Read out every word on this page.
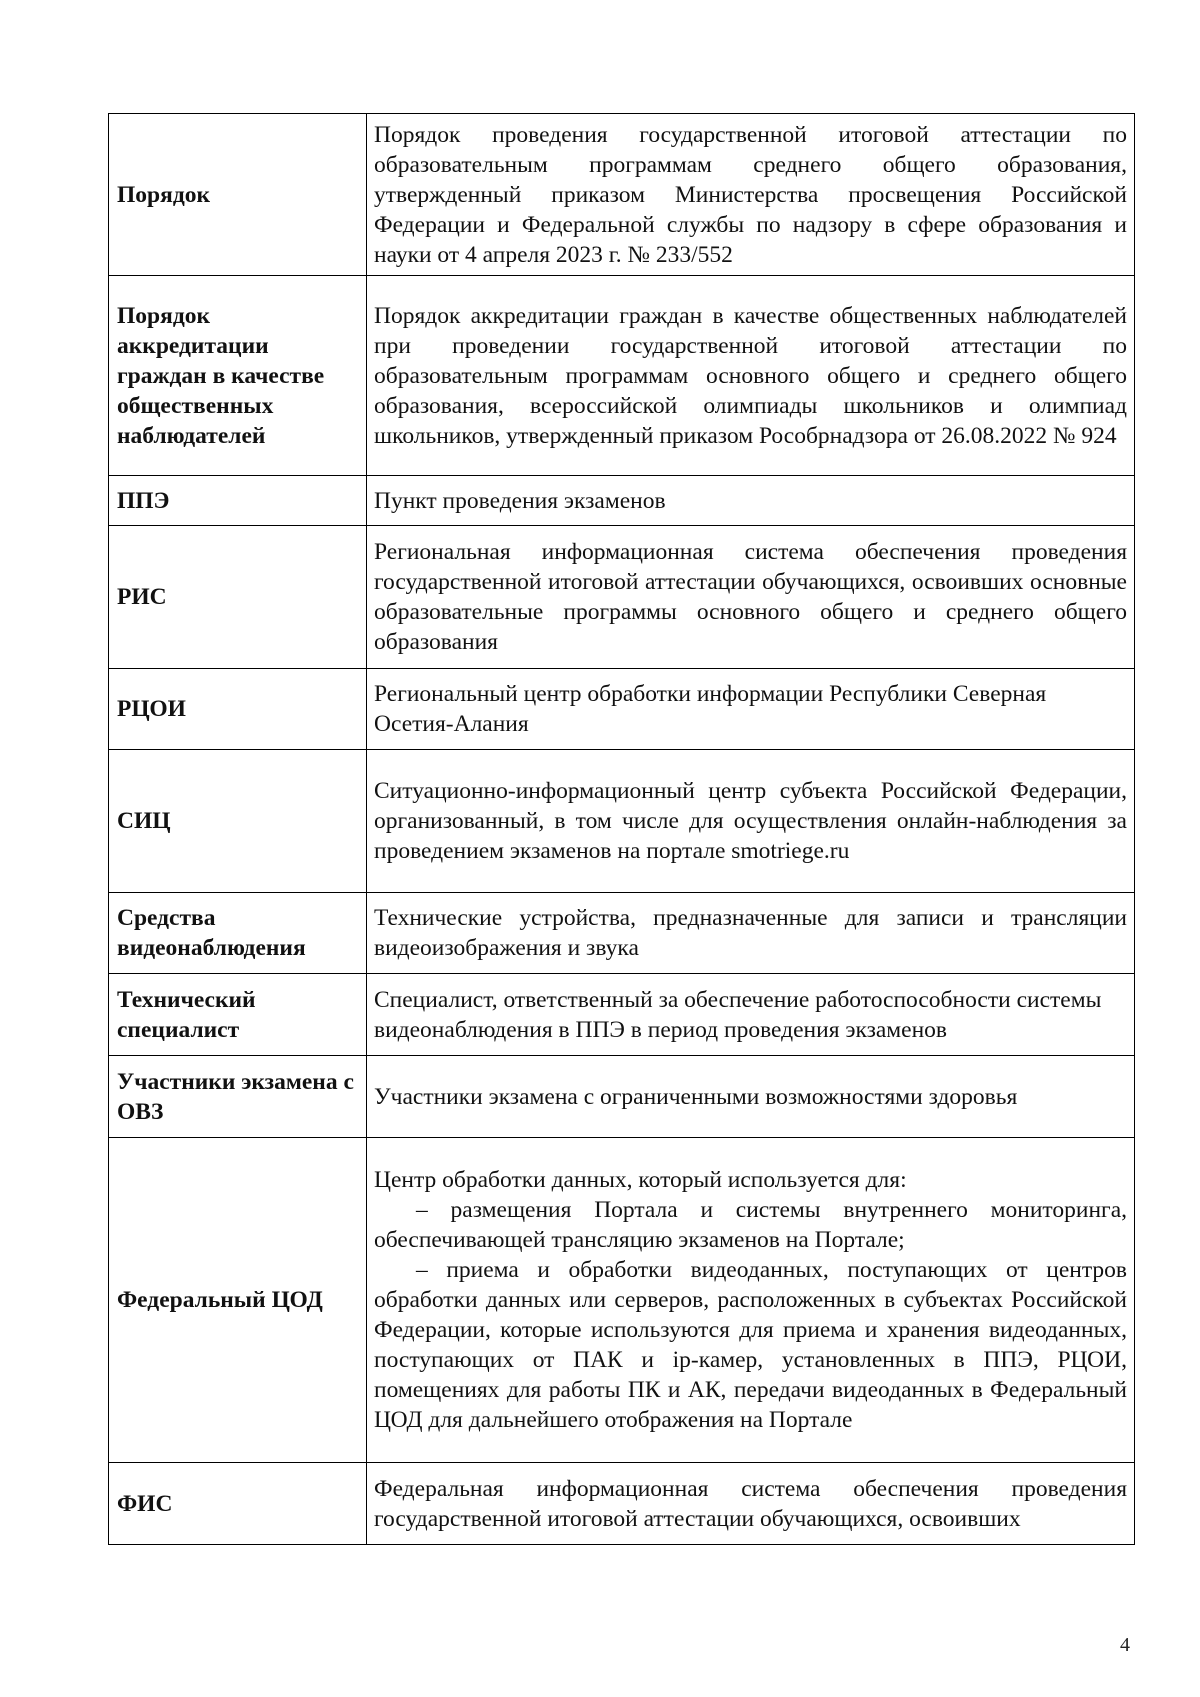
Порядок	Порядок проведения государственной итоговой аттестации по образовательным программам среднего общего образования, утвержденный приказом Министерства просвещения Российской Федерации и Федеральной службы по надзору в сфере образования и науки от 4 апреля 2023 г. № 233/552

Порядок аккредитации граждан в качестве общественных наблюдателей	Порядок аккредитации граждан в качестве общественных наблюдателей при проведении государственной итоговой аттестации по образовательным программам основного общего и среднего общего образования, всероссийской олимпиады школьников и олимпиад школьников, утвержденный приказом Рособрнадзора от 26.08.2022 № 924

ППЭ	Пункт проведения экзаменов

РИС	Региональная информационная система обеспечения проведения государственной итоговой аттестации обучающихся, освоивших основные образовательные программы основного общего и среднего общего образования

РЦОИ	Региональный центр обработки информации Республики Северная Осетия-Алания

СИЦ	Ситуационно-информационный центр субъекта Российской Федерации, организованный, в том числе для осуществления онлайн-наблюдения за проведением экзаменов на портале smotriege.ru

Средства видеонаблюдения	Технические устройства, предназначенные для записи и трансляции видеоизображения и звука

Технический специалист	Специалист, ответственный за обеспечение работоспособности системы видеонаблюдения в ППЭ в период проведения экзаменов

Участники экзамена с ОВЗ	Участники экзамена с ограниченными возможностями здоровья

Федеральный ЦОД	Центр обработки данных, который используется для:
– размещения Портала и системы внутреннего мониторинга, обеспечивающей трансляцию экзаменов на Портале;
– приема и обработки видеоданных, поступающих от центров обработки данных или серверов, расположенных в субъектах Российской Федерации, которые используются для приема и хранения видеоданных, поступающих от ПАК и ip-камер, установленных в ППЭ, РЦОИ, помещениях для работы ПК и АК, передачи видеоданных в Федеральный ЦОД для дальнейшего отображения на Портале

ФИС	Федеральная информационная система обеспечения проведения государственной итоговой аттестации обучающихся, освоивших
4
